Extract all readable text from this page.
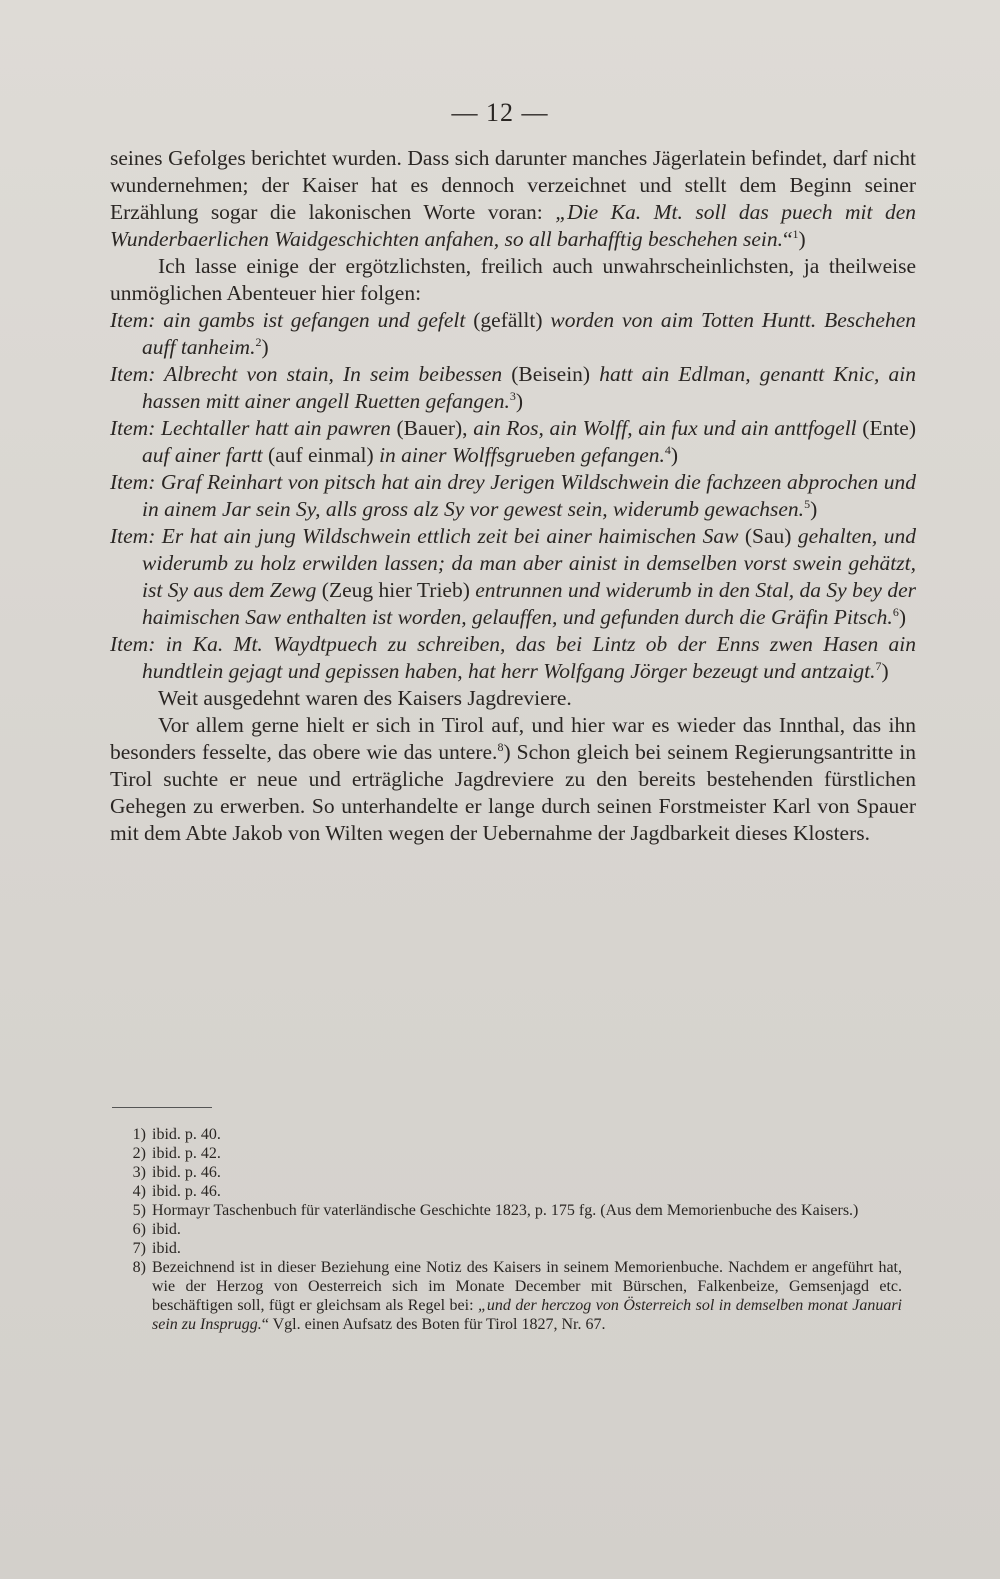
— 12 —

seines Gefolges berichtet wurden. Dass sich darunter manches Jägerlatein befindet, darf nicht wundernehmen; der Kaiser hat es dennoch verzeichnet und stellt dem Beginn seiner Erzählung sogar die lakonischen Worte voran: „Die Ka. Mt. soll das puech mit den Wunderbaerlichen Waidgeschichten anfahen, so all barhafftig beschehen sein.“$^1$)

Ich lasse einige der ergötzlichsten, freilich auch unwahrscheinlichsten, ja theilweise unmöglichen Abenteuer hier folgen:

Item: ain gambs ist gefangen und gefelt (gefällt) worden von aim Totten Huntt. Beschehen auff tanheim.$^2$)
Item: Albrecht von stain, In seim beibessen (Beisein) hatt ain Edlman, genantt Knic, ain hassen mitt ainer angell Ruetten gefangen.$^3$)
Item: Lechtaller hatt ain pawren (Bauer), ain Ros, ain Wolff, ain fux und ain anttfogell (Ente) auf ainer fartt (auf einmal) in ainer Wolffsgrueben gefangen.$^4$)
Item: Graf Reinhart von pitsch hat ain drey Jerigen Wildschwein die fachzeen abprochen und in ainem Jar sein Sy, alls gross alz Sy vor gewest sein, widerumb gewachsen.$^5$)
Item: Er hat ain jung Wildschwein ettlich zeit bei ainer haimischen Saw (Sau) gehalten, und widerumb zu holz erwilden lassen; da man aber ainist in demselben vorst swein gehätzt, ist Sy aus dem Zewg (Zeug hier Trieb) entrunnen und widerumb in den Stal, da Sy bey der haimischen Saw enthalten ist worden, gelauffen, und gefunden durch die Gräfin Pitsch.$^6$)
Item: in Ka. Mt. Waydtpuech zu schreiben, das bei Lintz ob der Enns zwen Hasen ain hundtlein gejagt und gepissen haben, hat herr Wolfgang Jörger bezeugt und antzaigt.$^7$)

Weit ausgedehnt waren des Kaisers Jagdreviere.

Vor allem gerne hielt er sich in Tirol auf, und hier war es wieder das Innthal, das ihn besonders fesselte, das obere wie das untere.$^8$) Schon gleich bei seinem Regierungsantritte in Tirol suchte er neue und erträgliche Jagdreviere zu den bereits bestehenden fürstlichen Gehegen zu erwerben. So unterhandelte er lange durch seinen Forstmeister Karl von Spauer mit dem Abte Jakob von Wilten wegen der Uebernahme der Jagdbarkeit dieses Klosters.

1) ibid. p. 40.
2) ibid. p. 42.
3) ibid. p. 46.
4) ibid. p. 46.
5) Hormayr Taschenbuch für vaterländische Geschichte 1823, p. 175 fg. (Aus dem Memorienbuche des Kaisers.)
6) ibid.
7) ibid.
8) Bezeichnend ist in dieser Beziehung eine Notiz des Kaisers in seinem Memorienbuche. Nachdem er angeführt hat, wie der Herzog von Oesterreich sich im Monate December mit Bürschen, Falkenbeize, Gemsenjagd etc. beschäftigen soll, fügt er gleichsam als Regel bei: „und der herczog von Österreich sol in demselben monat Januari sein zu Insprugg.“ Vgl. einen Aufsatz des Boten für Tirol 1827, Nr. 67.
